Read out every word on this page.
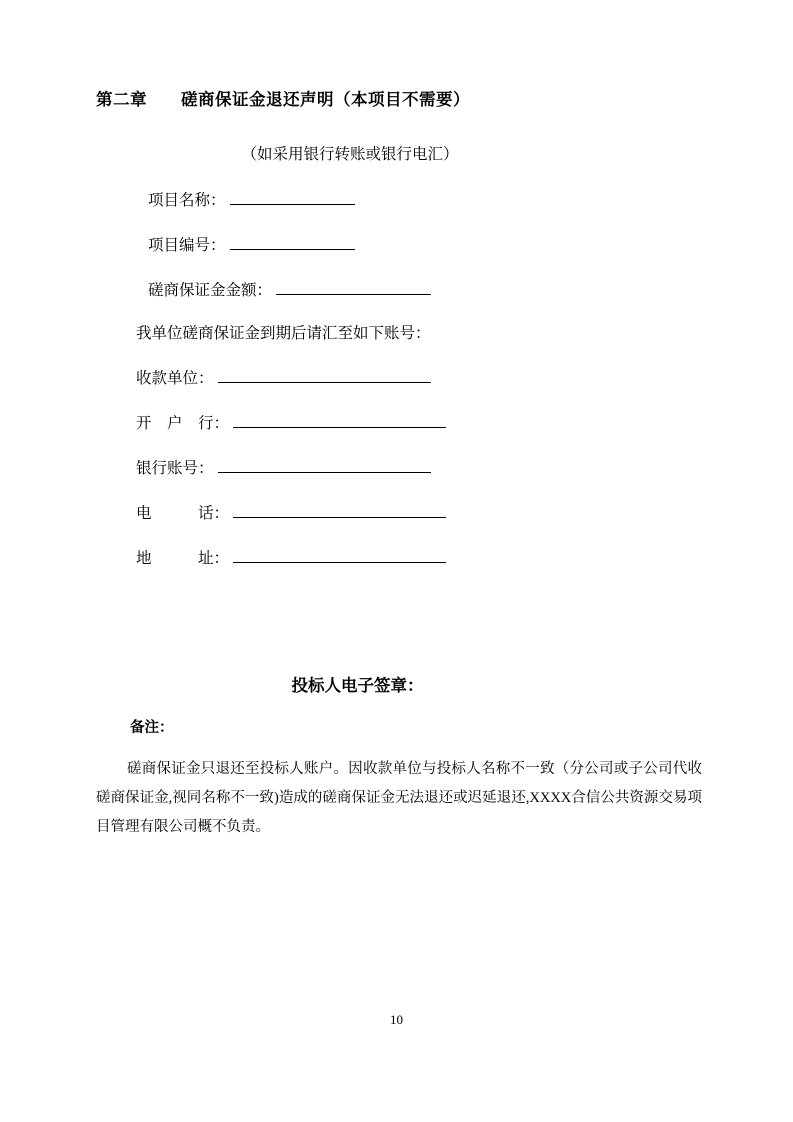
第二章 磋商保证金退还声明（本项目不需要）
（如采用银行转账或银行电汇）
项目名称：
项目编号：
磋商保证金金额：
我单位磋商保证金到期后请汇至如下账号：
收款单位：
开　户　行：
银行账号：
电　　　话：
地　　　址：
投标人电子签章：
备注：
磋商保证金只退还至投标人账户。因收款单位与投标人名称不一致（分公司或子公司代收磋商保证金,视同名称不一致)造成的磋商保证金无法退还或迟延退还,XXXX合信公共资源交易项目管理有限公司概不负责。
10
